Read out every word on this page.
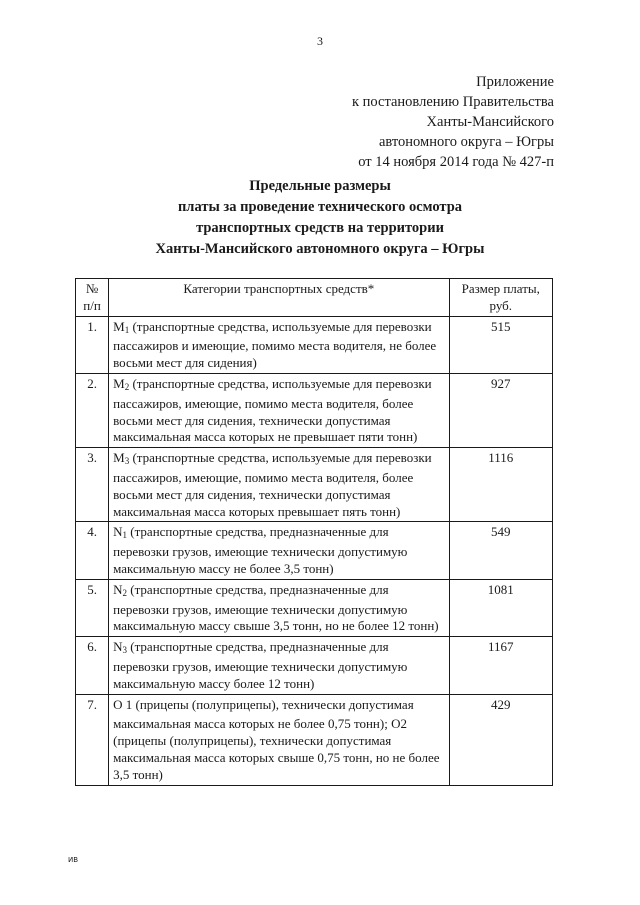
3
Приложение
к постановлению Правительства
Ханты-Мансийского
автономного округа – Югры
от 14 ноября 2014 года № 427-п
Предельные размеры
платы за проведение технического осмотра
транспортных средств на территории
Ханты-Мансийского автономного округа – Югры
№ п/п	Категории транспортных средств*	Размер платы, руб.
1.	$M_1$ (транспортные средства, используемые для перевозки пассажиров и имеющие, помимо места водителя, не более восьми мест для сидения)	515
2.	$M_2$ (транспортные средства, используемые для перевозки пассажиров, имеющие, помимо места водителя, более восьми мест для сидения, технически допустимая максимальная масса которых не превышает пяти тонн)	927
3.	$M_3$ (транспортные средства, используемые для перевозки пассажиров, имеющие, помимо места водителя, более восьми мест для сидения, технически допустимая максимальная масса которых превышает пять тонн)	1116
4.	$N_1$ (транспортные средства, предназначенные для перевозки грузов, имеющие технически допустимую максимальную массу не более 3,5 тонн)	549
5.	$N_2$ (транспортные средства, предназначенные для перевозки грузов, имеющие технически допустимую максимальную массу свыше 3,5 тонн, но не более 12 тонн)	1081
6.	$N_3$ (транспортные средства, предназначенные для перевозки грузов, имеющие технически допустимую максимальную массу более 12 тонн)	1167
7.	О 1 (прицепы (полуприцепы), технически допустимая максимальная масса которых не более 0,75 тонн); О2 (прицепы (полуприцепы), технически допустимая максимальная масса которых свыше 0,75 тонн, но не более 3,5 тонн)	429
ИВ
